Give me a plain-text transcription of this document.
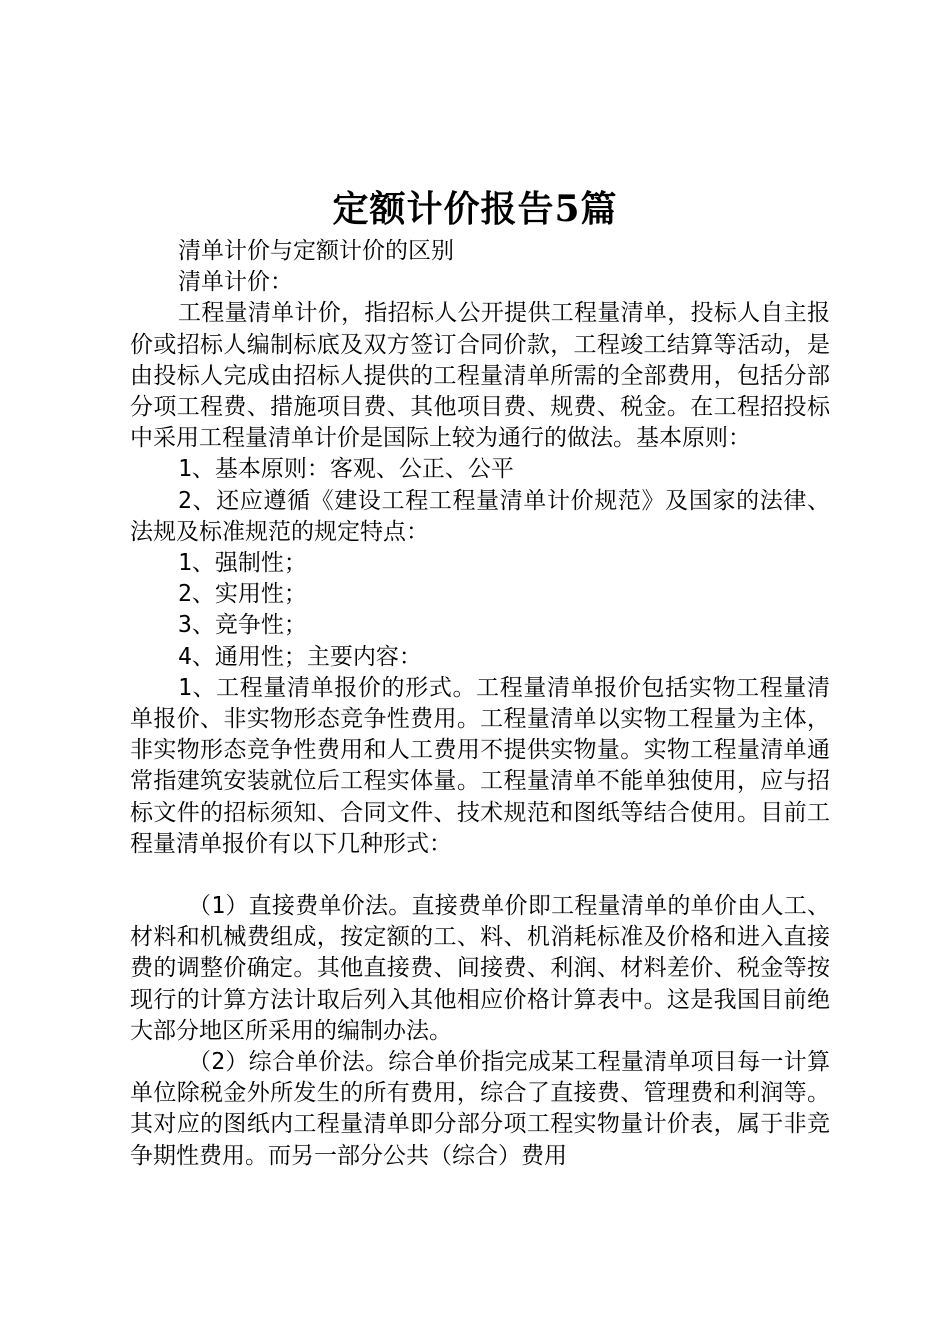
定额计价报告5篇

清单计价与定额计价的区别

清单计价：

工程量清单计价，指招标人公开提供工程量清单，投标人自主报价或招标人编制标底及双方签订合同价款，工程竣工结算等活动，是由投标人完成由招标人提供的工程量清单所需的全部费用，包括分部分项工程费、措施项目费、其他项目费、规费、税金。在工程招投标中采用工程量清单计价是国际上较为通行的做法。基本原则：

1、基本原则：客观、公正、公平

2、还应遵循《建设工程工程量清单计价规范》及国家的法律、法规及标准规范的规定特点：

1、强制性；

2、实用性；

3、竞争性；

4、通用性；主要内容：

1、工程量清单报价的形式。工程量清单报价包括实物工程量清单报价、非实物形态竞争性费用。工程量清单以实物工程量为主体，非实物形态竞争性费用和人工费用不提供实物量。实物工程量清单通常指建筑安装就位后工程实体量。工程量清单不能单独使用，应与招标文件的招标须知、合同文件、技术规范和图纸等结合使用。目前工程量清单报价有以下几种形式：

（1）直接费单价法。直接费单价即工程量清单的单价由人工、材料和机械费组成，按定额的工、料、机消耗标准及价格和进入直接费的调整价确定。其他直接费、间接费、利润、材料差价、税金等按现行的计算方法计取后列入其他相应价格计算表中。这是我国目前绝大部分地区所采用的编制办法。

（2）综合单价法。综合单价指完成某工程量清单项目每一计算单位除税金外所发生的所有费用，综合了直接费、管理费和利润等。其对应的图纸内工程量清单即分部分项工程实物量计价表，属于非竞争期性费用。而另一部分公共（综合）费用
